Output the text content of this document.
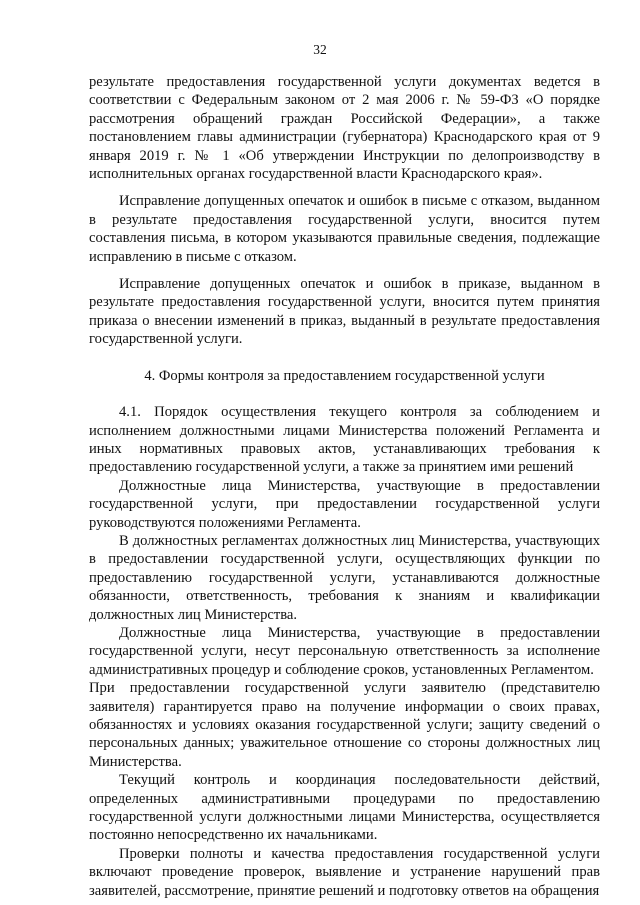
32

результате предоставления государственной услуги документах ведется в соответствии с Федеральным законом от 2 мая 2006 г. № 59-ФЗ «О порядке рассмотрения обращений граждан Российской Федерации», а также постановлением главы администрации (губернатора) Краснодарского края от 9 января 2019 г. № 1 «Об утверждении Инструкции по делопроизводству в исполнительных органах государственной власти Краснодарского края».

Исправление допущенных опечаток и ошибок в письме с отказом, выданном в результате предоставления государственной услуги, вносится путем составления письма, в котором указываются правильные сведения, подлежащие исправлению в письме с отказом.

Исправление допущенных опечаток и ошибок в приказе, выданном в результате предоставления государственной услуги, вносится путем принятия приказа о внесении изменений в приказ, выданный в результате предоставления государственной услуги.

4. Формы контроля за предоставлением государственной услуги

4.1. Порядок осуществления текущего контроля за соблюдением и исполнением должностными лицами Министерства положений Регламента и иных нормативных правовых актов, устанавливающих требования к предоставлению государственной услуги, а также за принятием ими решений

Должностные лица Министерства, участвующие в предоставлении государственной услуги, при предоставлении государственной услуги руководствуются положениями Регламента.

В должностных регламентах должностных лиц Министерства, участвующих в предоставлении государственной услуги, осуществляющих функции по предоставлению государственной услуги, устанавливаются должностные обязанности, ответственность, требования к знаниям и квалификации должностных лиц Министерства.

Должностные лица Министерства, участвующие в предоставлении государственной услуги, несут персональную ответственность за исполнение административных процедур и соблюдение сроков, установленных Регламентом.

При предоставлении государственной услуги заявителю (представителю заявителя) гарантируется право на получение информации о своих правах, обязанностях и условиях оказания государственной услуги; защиту сведений о персональных данных; уважительное отношение со стороны должностных лиц Министерства.

Текущий контроль и координация последовательности действий, определенных административными процедурами по предоставлению государственной услуги должностными лицами Министерства, осуществляется постоянно непосредственно их начальниками.

Проверки полноты и качества предоставления государственной услуги включают проведение проверок, выявление и устранение нарушений прав заявителей, рассмотрение, принятие решений и подготовку ответов на обращения
